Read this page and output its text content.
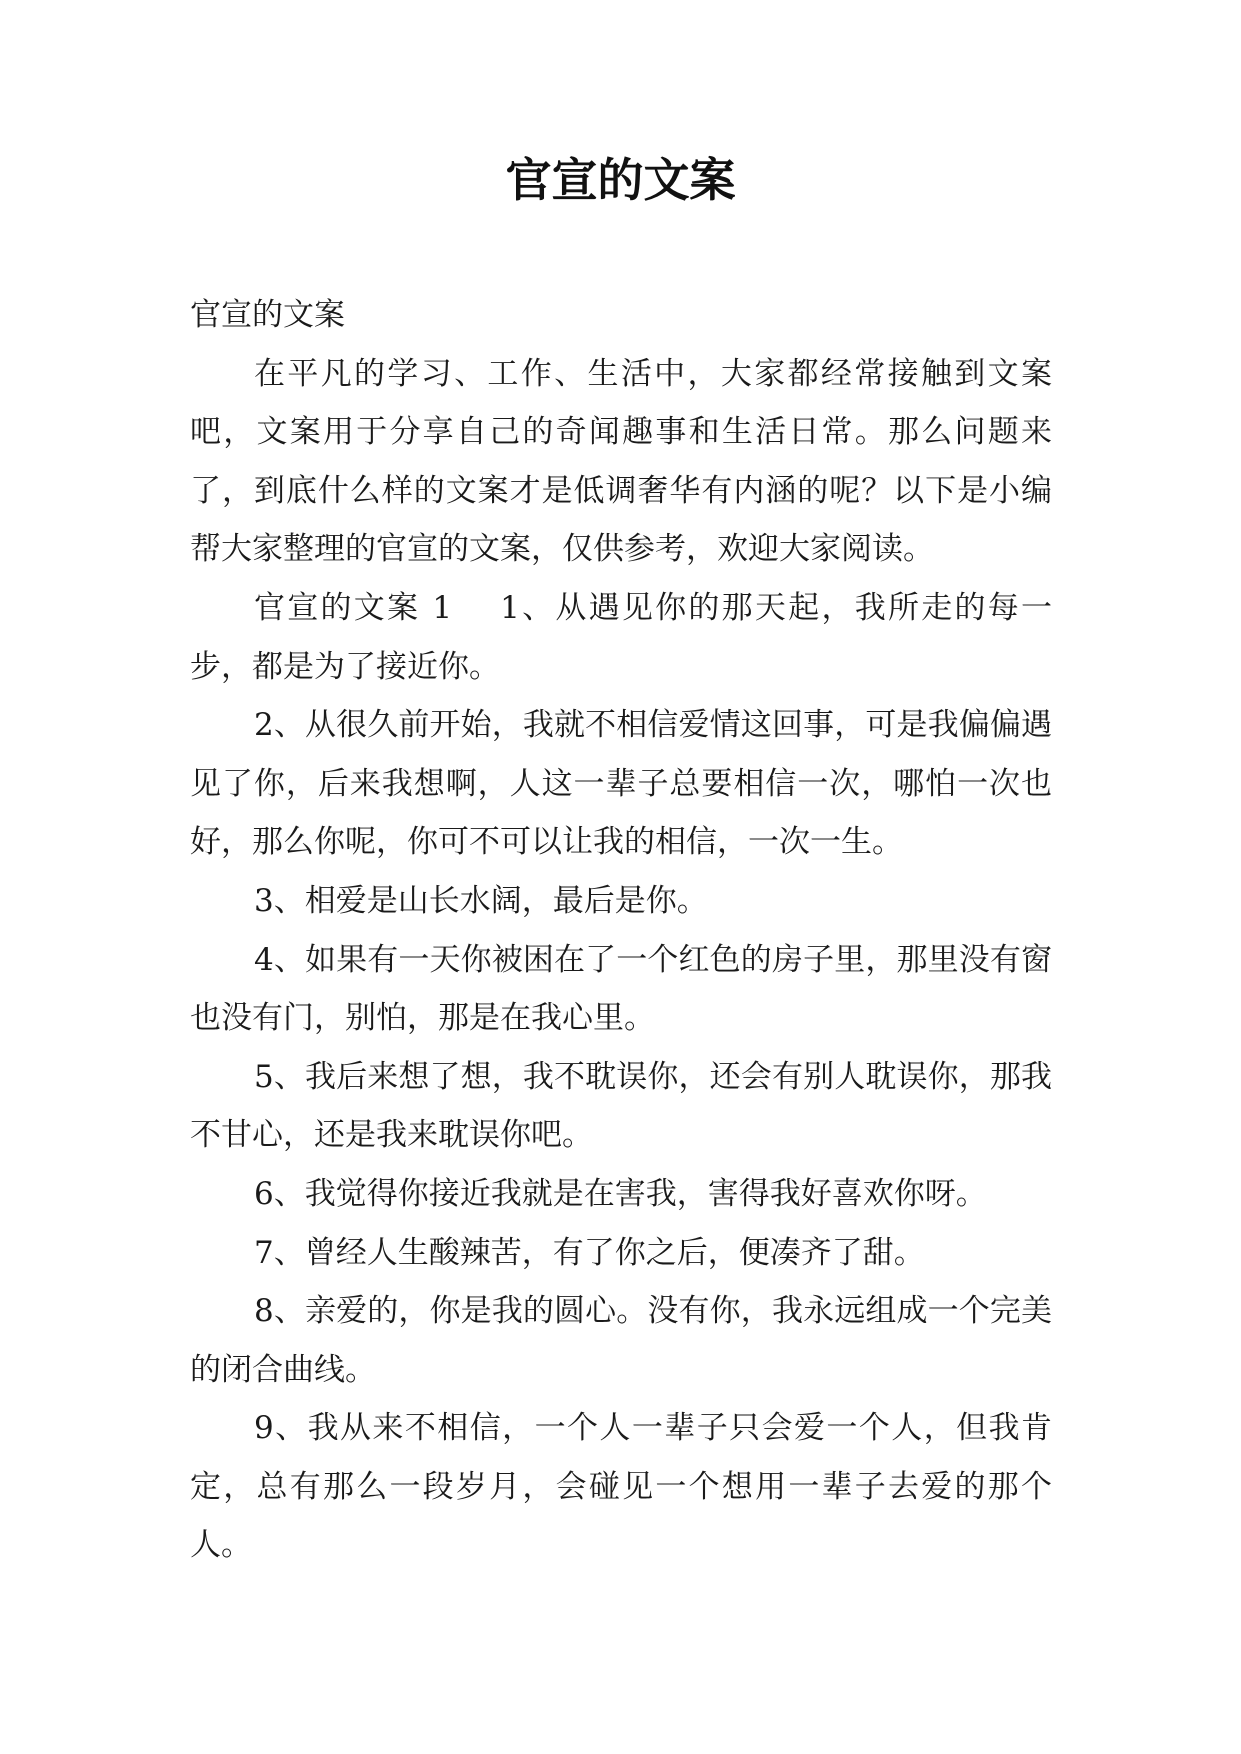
官宣的文案

官宣的文案

在平凡的学习、工作、生活中，大家都经常接触到文案吧，文案用于分享自己的奇闻趣事和生活日常。那么问题来了，到底什么样的文案才是低调奢华有内涵的呢？以下是小编帮大家整理的官宣的文案，仅供参考，欢迎大家阅读。

官宣的文案 1 1、从遇见你的那天起，我所走的每一步，都是为了接近你。

2、从很久前开始，我就不相信爱情这回事，可是我偏偏遇见了你，后来我想啊，人这一辈子总要相信一次，哪怕一次也好，那么你呢，你可不可以让我的相信，一次一生。

3、相爱是山长水阔，最后是你。

4、如果有一天你被困在了一个红色的房子里，那里没有窗也没有门，别怕，那是在我心里。

5、我后来想了想，我不耽误你，还会有别人耽误你，那我不甘心，还是我来耽误你吧。

6、我觉得你接近我就是在害我，害得我好喜欢你呀。

7、曾经人生酸辣苦，有了你之后，便凑齐了甜。

8、亲爱的，你是我的圆心。没有你，我永远组成一个完美的闭合曲线。

9、我从来不相信，一个人一辈子只会爱一个人，但我肯定，总有那么一段岁月，会碰见一个想用一辈子去爱的那个人。
